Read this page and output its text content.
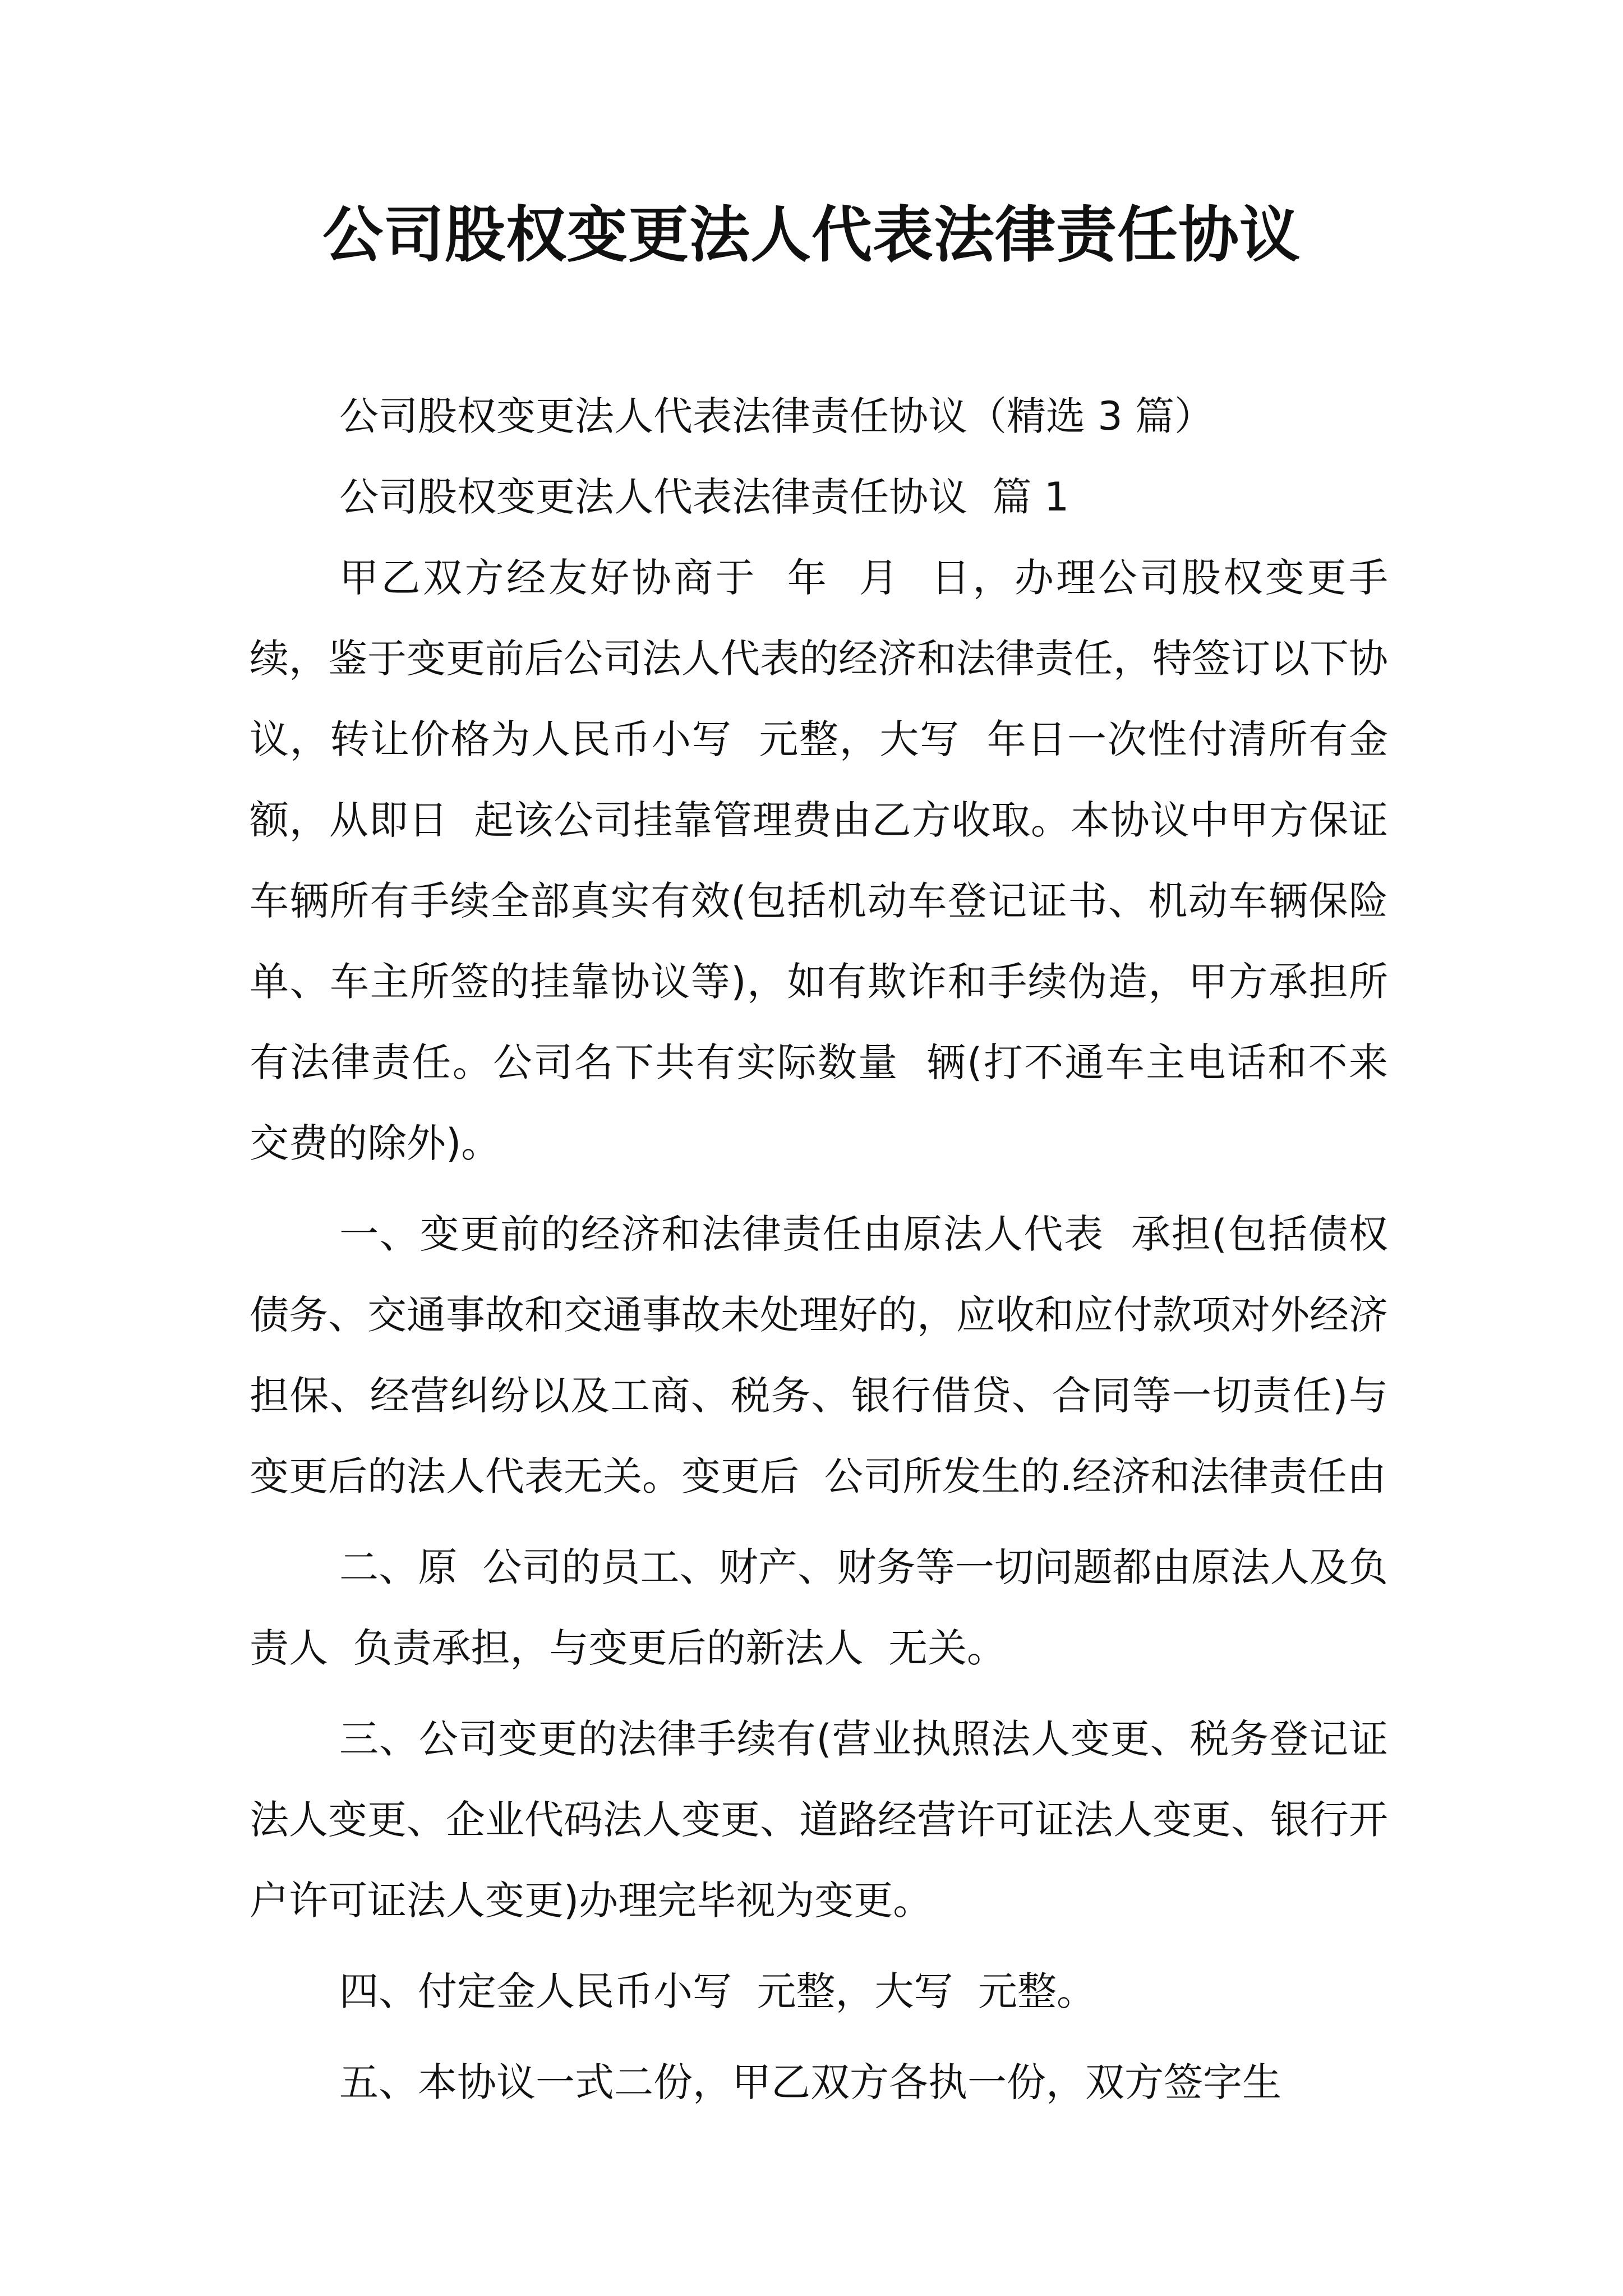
公司股权变更法人代表法律责任协议

公司股权变更法人代表法律责任协议（精选 3 篇）

公司股权变更法人代表法律责任协议  篇 1

甲乙双方经友好协商于  年  月  日，办理公司股权变更手续，鉴于变更前后公司法人代表的经济和法律责任，特签订以下协议，转让价格为人民币小写  元整，大写  年日一次性付清所有金额，从即日  起该公司挂靠管理费由乙方收取。本协议中甲方保证车辆所有手续全部真实有效(包括机动车登记证书、机动车辆保险单、车主所签的挂靠协议等)，如有欺诈和手续伪造，甲方承担所有法律责任。公司名下共有实际数量  辆(打不通车主电话和不来交费的除外)。

一、变更前的经济和法律责任由原法人代表  承担(包括债权债务、交通事故和交通事故未处理好的，应收和应付款项对外经济担保、经营纠纷以及工商、税务、银行借贷、合同等一切责任)与变更后的法人代表无关。变更后  公司所发生的.经济和法律责任由

二、原  公司的员工、财产、财务等一切问题都由原法人及负责人  负责承担，与变更后的新法人  无关。

三、公司变更的法律手续有(营业执照法人变更、税务登记证法人变更、企业代码法人变更、道路经营许可证法人变更、银行开户许可证法人变更)办理完毕视为变更。

四、付定金人民币小写  元整，大写  元整。

五、本协议一式二份，甲乙双方各执一份，双方签字生
